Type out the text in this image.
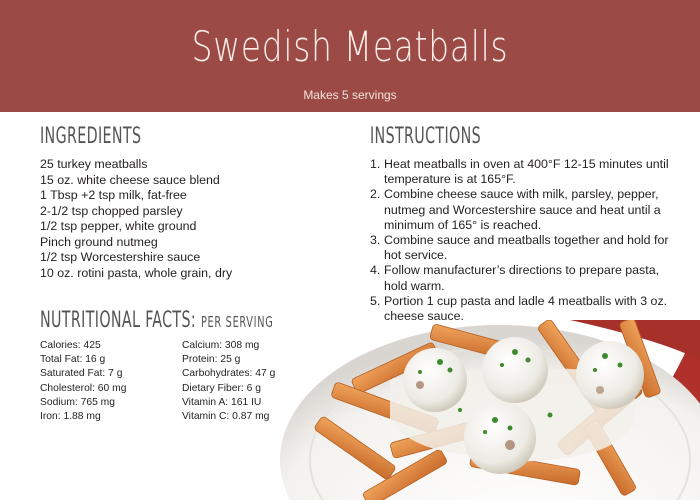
Swedish Meatballs
Makes 5 servings
INGREDIENTS
25 turkey meatballs
15 oz. white cheese sauce blend
1 Tbsp +2 tsp milk, fat-free
2-1/2 tsp chopped parsley
1/2 tsp pepper, white ground
Pinch ground nutmeg
1/2 tsp Worcestershire sauce
10 oz. rotini pasta, whole grain, dry
INSTRUCTIONS
1. Heat meatballs in oven at 400°F 12-15 minutes until temperature is at 165°F.
2. Combine cheese sauce with milk, parsley, pepper, nutmeg and Worcestershire sauce and heat until a minimum of 165° is reached.
3. Combine sauce and meatballs together and hold for hot service.
4. Follow manufacturer’s directions to prepare pasta, hold warm.
5. Portion 1 cup pasta and ladle 4 meatballs with 3 oz. cheese sauce.
NUTRITIONAL FACTS: PER SERVING
Calories: 425
Total Fat: 16 g
Saturated Fat: 7 g
Cholesterol: 60 mg
Sodium: 765 mg
Iron: 1.88 mg
Calcium: 308 mg
Protein: 25 g
Carbohydrates: 47 g
Dietary Fiber: 6 g
Vitamin A: 161 IU
Vitamin C: 0.87 mg
